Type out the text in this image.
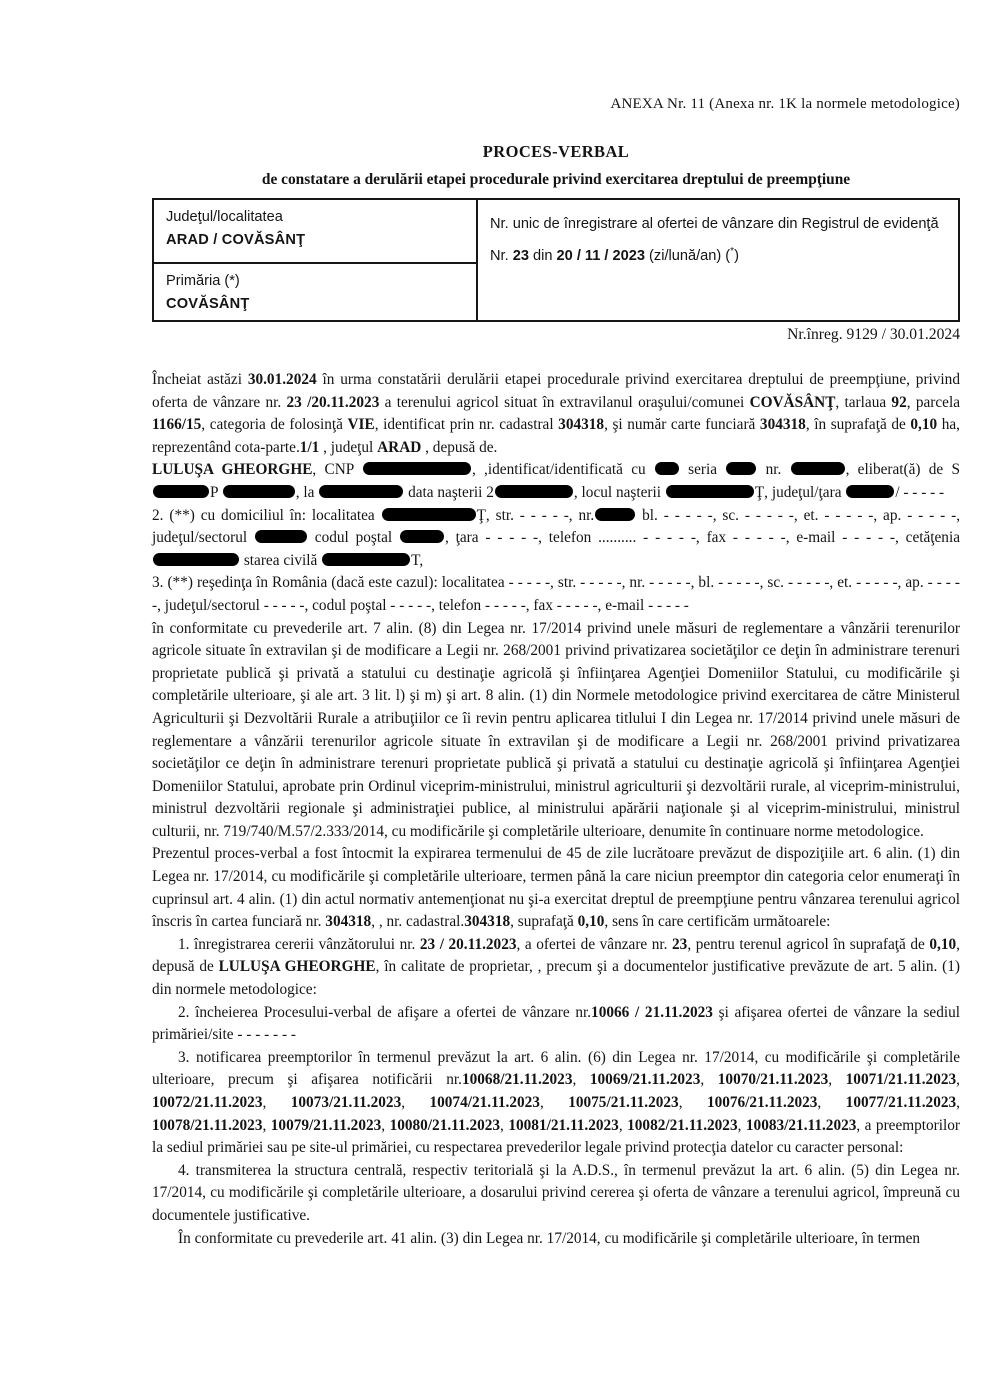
ANEXA Nr. 11 (Anexa nr. 1K la normele metodologice)
PROCES-VERBAL
de constatare a derulării etapei procedurale privind exercitarea dreptului de preempţiune
Judeţul/localitatea
ARAD / COVĂSÂNŢ
Primăria (*)
COVĂSÂNŢ
Nr. unic de înregistrare al ofertei de vânzare din Registrul de evidenţă
Nr. 23 din 20 / 11 / 2023 (zi/lună/an) (*)
Nr.înreg. 9129 / 30.01.2024

Încheiat astăzi 30.01.2024 în urma constatării derulării etapei procedurale privind exercitarea dreptului de preempţiune, privind oferta de vânzare nr. 23 /20.11.2023 a terenului agricol situat în extravilanul oraşului/comunei COVĂSÂNŢ, tarlaua 92, parcela 1166/15, categoria de folosinţă VIE, identificat prin nr. cadastral 304318, şi număr carte funciară 304318, în suprafaţă de 0,10 ha, reprezentând cota-parte.1/1 , judeţul ARAD , depusă de.

LULUŞA GHEORGHE, CNP	, ,identificat/identificată cu  seria  nr.	, eliberat(ă) de SP	, la	data naşterii 2	, locul naşterii	Ţ, judeţul/ţara	/ - - - - -

2. (**) cu domiciliul în: localitatea	Ţ, str. - - - - -, nr.	bl. - - - - -, sc. - - - - -, et. - - - - -, ap. - - - - -, judeţul/sectorul	codul poştal	, ţara - - - - -, telefon .......... - - - - -, fax - - - - -, e-mail - - - - -, cetăţenia  starea civilă	T,

3. (**) reşedinţa în România (dacă este cazul): localitatea - - - - -, str. - - - - -, nr. - - - - -, bl. - - - - -, sc. - - - - -, et. - - - - -, ap. - - - - -, judeţul/sectorul - - - - -, codul poştal - - - - -, telefon - - - - -, fax - - - - -, e-mail - - - - -

în conformitate cu prevederile art. 7 alin. (8) din Legea nr. 17/2014 privind unele măsuri de reglementare a vânzării terenurilor agricole situate în extravilan şi de modificare a Legii nr. 268/2001 privind privatizarea societăţilor ce deţin în administrare terenuri proprietate publică şi privată a statului cu destinaţie agricolă şi înfiinţarea Agenţiei Domeniilor Statului, cu modificările şi completările ulterioare, şi ale art. 3 lit. l) şi m) şi art. 8 alin. (1) din Normele metodologice privind exercitarea de către Ministerul Agriculturii şi Dezvoltării Rurale a atribuţiilor ce îi revin pentru aplicarea titlului I din Legea nr. 17/2014 privind unele măsuri de reglementare a vânzării terenurilor agricole situate în extravilan şi de modificare a Legii nr. 268/2001 privind privatizarea societăţilor ce deţin în administrare terenuri proprietate publică şi privată a statului cu destinaţie agricolă şi înfiinţarea Agenţiei Domeniilor Statului, aprobate prin Ordinul viceprim-ministrului, ministrul agriculturii şi dezvoltării rurale, al viceprim-ministrului, ministrul dezvoltării regionale şi administraţiei publice, al ministrului apărării naţionale şi al viceprim-ministrului, ministrul culturii, nr. 719/740/M.57/2.333/2014, cu modificările şi completările ulterioare, denumite în continuare norme metodologice.

Prezentul proces-verbal a fost întocmit la expirarea termenului de 45 de zile lucrătoare prevăzut de dispoziţiile art. 6 alin. (1) din Legea nr. 17/2014, cu modificările şi completările ulterioare, termen până la care niciun preemptor din categoria celor enumeraţi în cuprinsul art. 4 alin. (1) din actul normativ antemenţionat nu şi-a exercitat dreptul de preempţiune pentru vânzarea terenului agricol înscris în cartea funciară nr. 304318, , nr. cadastral.304318, suprafaţă 0,10, sens în care certificăm următoarele:

1. înregistrarea cererii vânzătorului nr. 23 / 20.11.2023, a ofertei de vânzare nr. 23, pentru terenul agricol în suprafaţă de 0,10, depusă de LULUŞA GHEORGHE, în calitate de proprietar, , precum şi a documentelor justificative prevăzute de art. 5 alin. (1) din normele metodologice:

2. încheierea Procesului-verbal de afişare a ofertei de vânzare nr.10066 / 21.11.2023 şi afişarea ofertei de vânzare la sediul primăriei/site - - - - - - -

3. notificarea preemptorilor în termenul prevăzut la art. 6 alin. (6) din Legea nr. 17/2014, cu modificările şi completările ulterioare, precum şi afişarea notificării nr.10068/21.11.2023, 10069/21.11.2023, 10070/21.11.2023, 10071/21.11.2023, 10072/21.11.2023, 10073/21.11.2023, 10074/21.11.2023, 10075/21.11.2023, 10076/21.11.2023, 10077/21.11.2023, 10078/21.11.2023, 10079/21.11.2023, 10080/21.11.2023, 10081/21.11.2023, 10082/21.11.2023, 10083/21.11.2023, a preemptorilor la sediul primăriei sau pe site-ul primăriei, cu respectarea prevederilor legale privind protecţia datelor cu caracter personal:

4. transmiterea la structura centrală, respectiv teritorială şi la A.D.S., în termenul prevăzut la art. 6 alin. (5) din Legea nr. 17/2014, cu modificările şi completările ulterioare, a dosarului privind cererea şi oferta de vânzare a terenului agricol, împreună cu documentele justificative.

În conformitate cu prevederile art. 41 alin. (3) din Legea nr. 17/2014, cu modificările şi completările ulterioare, în termen
